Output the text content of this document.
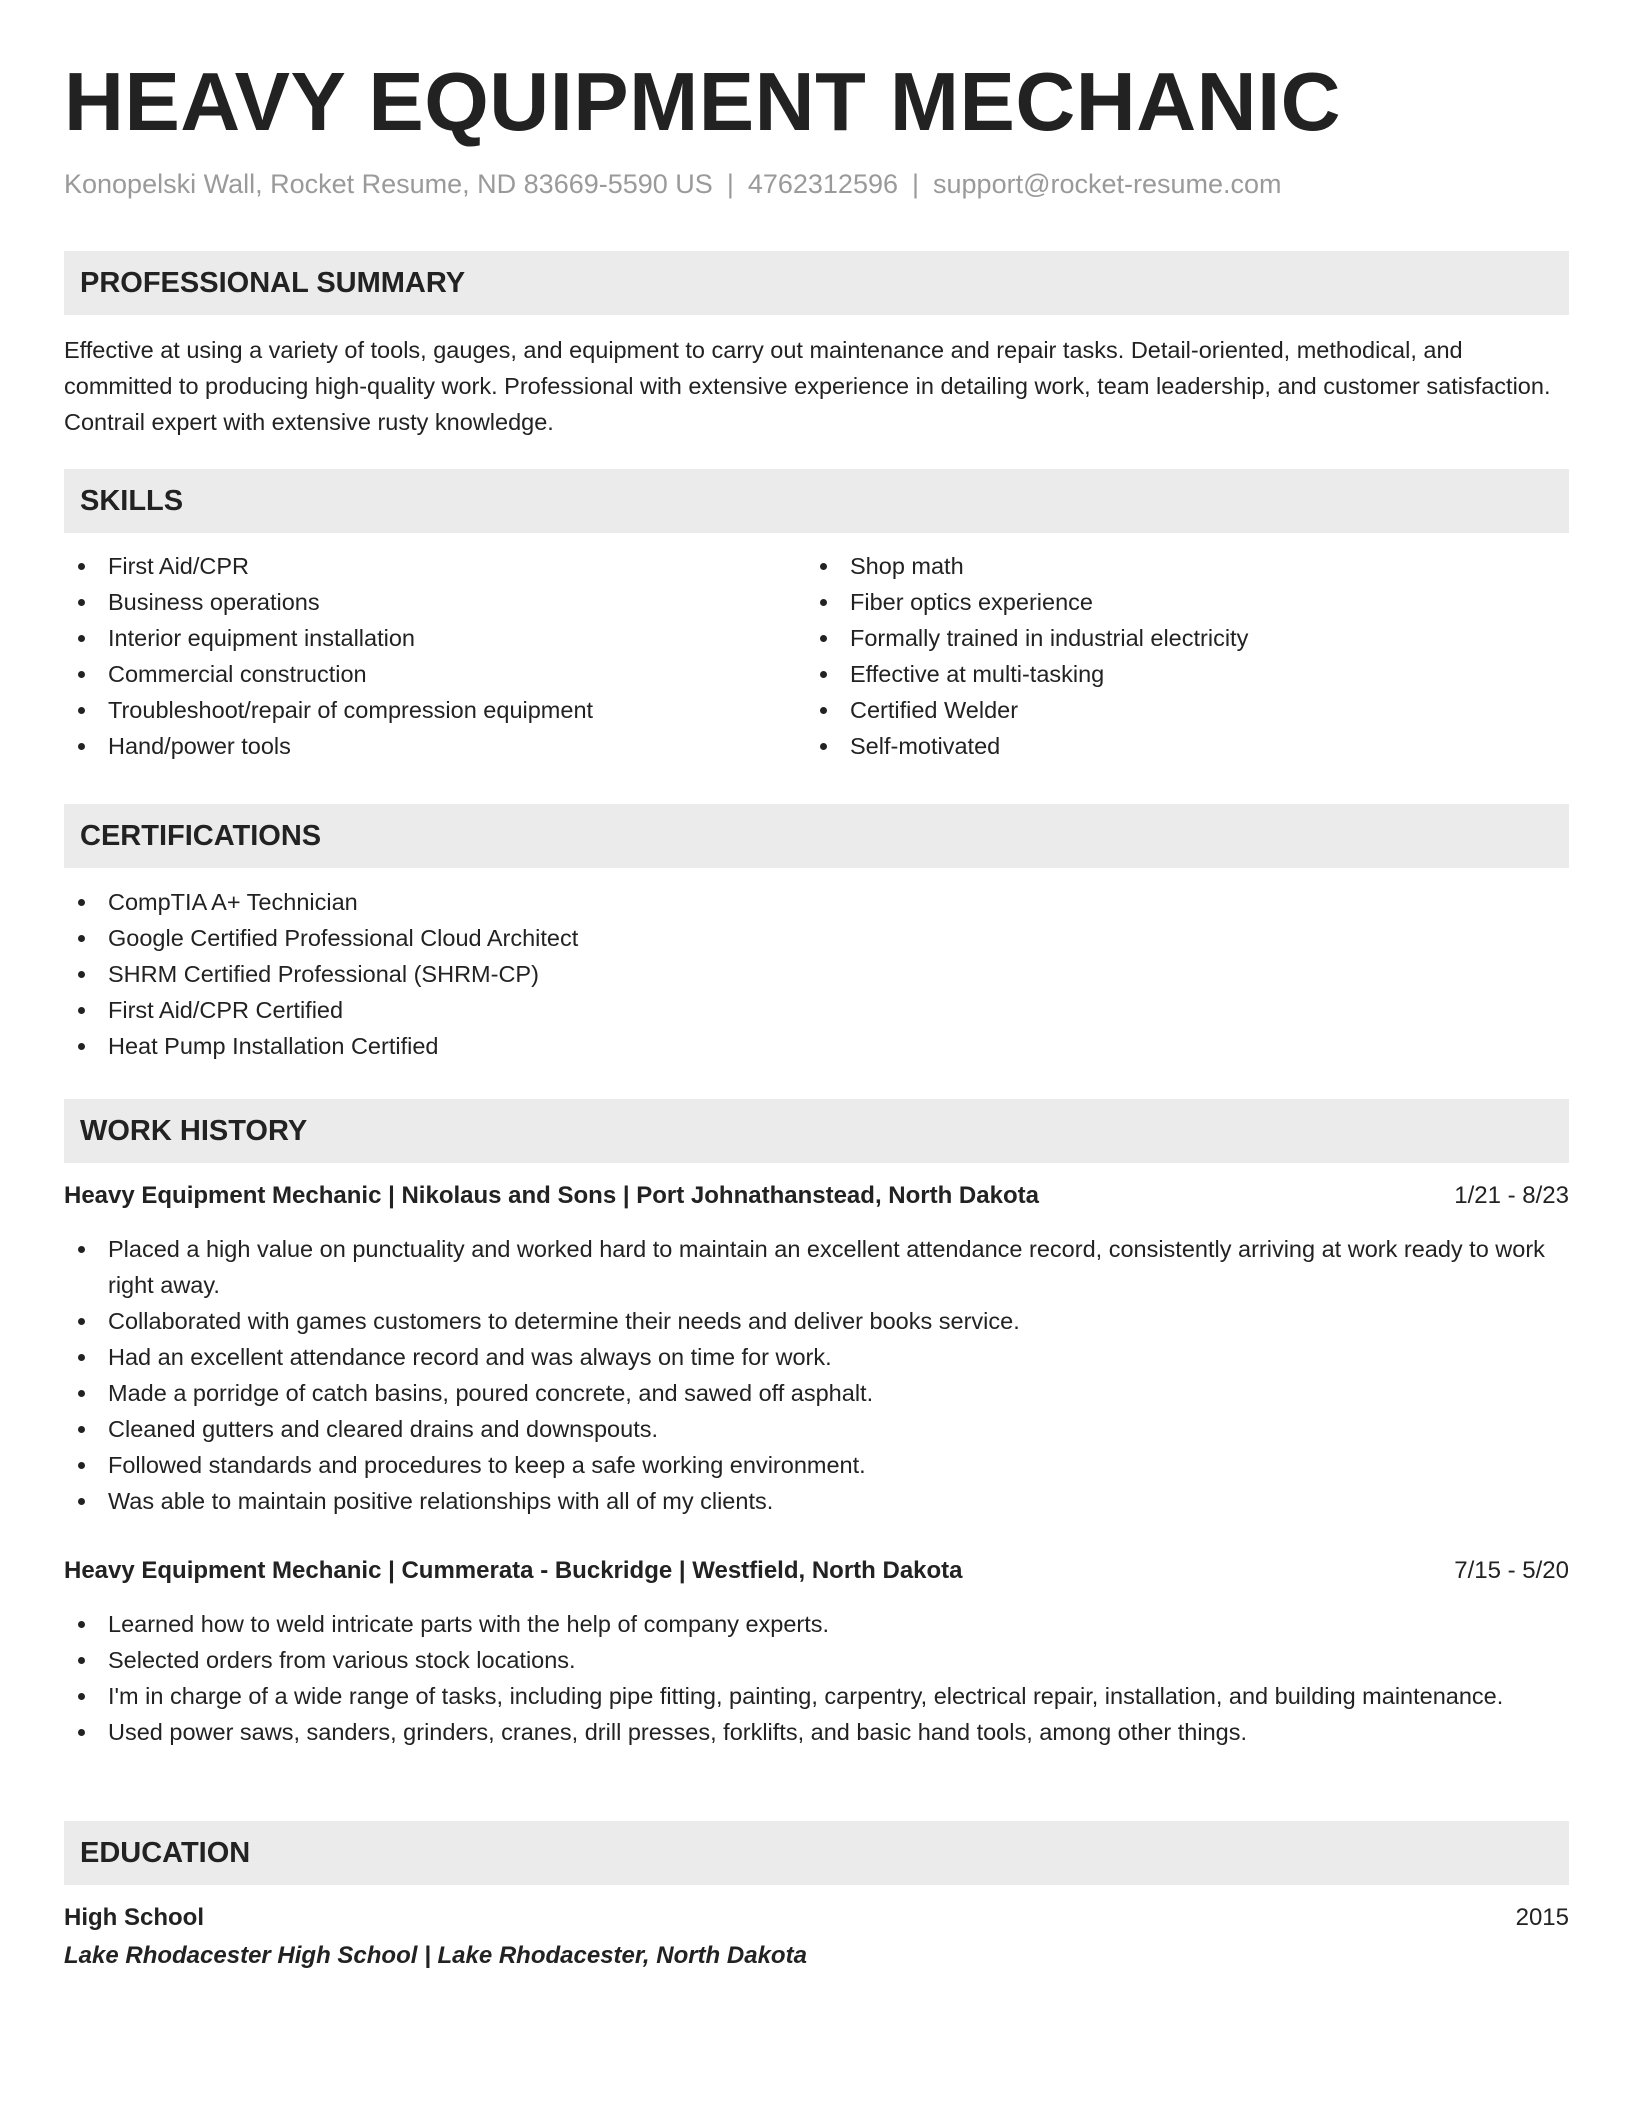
HEAVY EQUIPMENT MECHANIC
Konopelski Wall, Rocket Resume, ND 83669-5590 US | 4762312596 | support@rocket-resume.com
PROFESSIONAL SUMMARY

Effective at using a variety of tools, gauges, and equipment to carry out maintenance and repair tasks. Detail-oriented, methodical, and committed to producing high-quality work. Professional with extensive experience in detailing work, team leadership, and customer satisfaction. Contrail expert with extensive rusty knowledge.

SKILLS
First Aid/CPR
Business operations
Interior equipment installation
Commercial construction
Troubleshoot/repair of compression equipment
Hand/power tools
Shop math
Fiber optics experience
Formally trained in industrial electricity
Effective at multi-tasking
Certified Welder
Self-motivated
CERTIFICATIONS
CompTIA A+ Technician
Google Certified Professional Cloud Architect
SHRM Certified Professional (SHRM-CP)
First Aid/CPR Certified
Heat Pump Installation Certified
WORK HISTORY
Heavy Equipment Mechanic | Nikolaus and Sons | Port Johnathanstead, North Dakota	1/21 - 8/23
Placed a high value on punctuality and worked hard to maintain an excellent attendance record, consistently arriving at work ready to work right away.
Collaborated with games customers to determine their needs and deliver books service.
Had an excellent attendance record and was always on time for work.
Made a porridge of catch basins, poured concrete, and sawed off asphalt.
Cleaned gutters and cleared drains and downspouts.
Followed standards and procedures to keep a safe working environment.
Was able to maintain positive relationships with all of my clients.
Heavy Equipment Mechanic | Cummerata - Buckridge | Westfield, North Dakota	7/15 - 5/20
Learned how to weld intricate parts with the help of company experts.
Selected orders from various stock locations.
I'm in charge of a wide range of tasks, including pipe fitting, painting, carpentry, electrical repair, installation, and building maintenance.
Used power saws, sanders, grinders, cranes, drill presses, forklifts, and basic hand tools, among other things.
EDUCATION
High School	2015
Lake Rhodacester High School | Lake Rhodacester, North Dakota
